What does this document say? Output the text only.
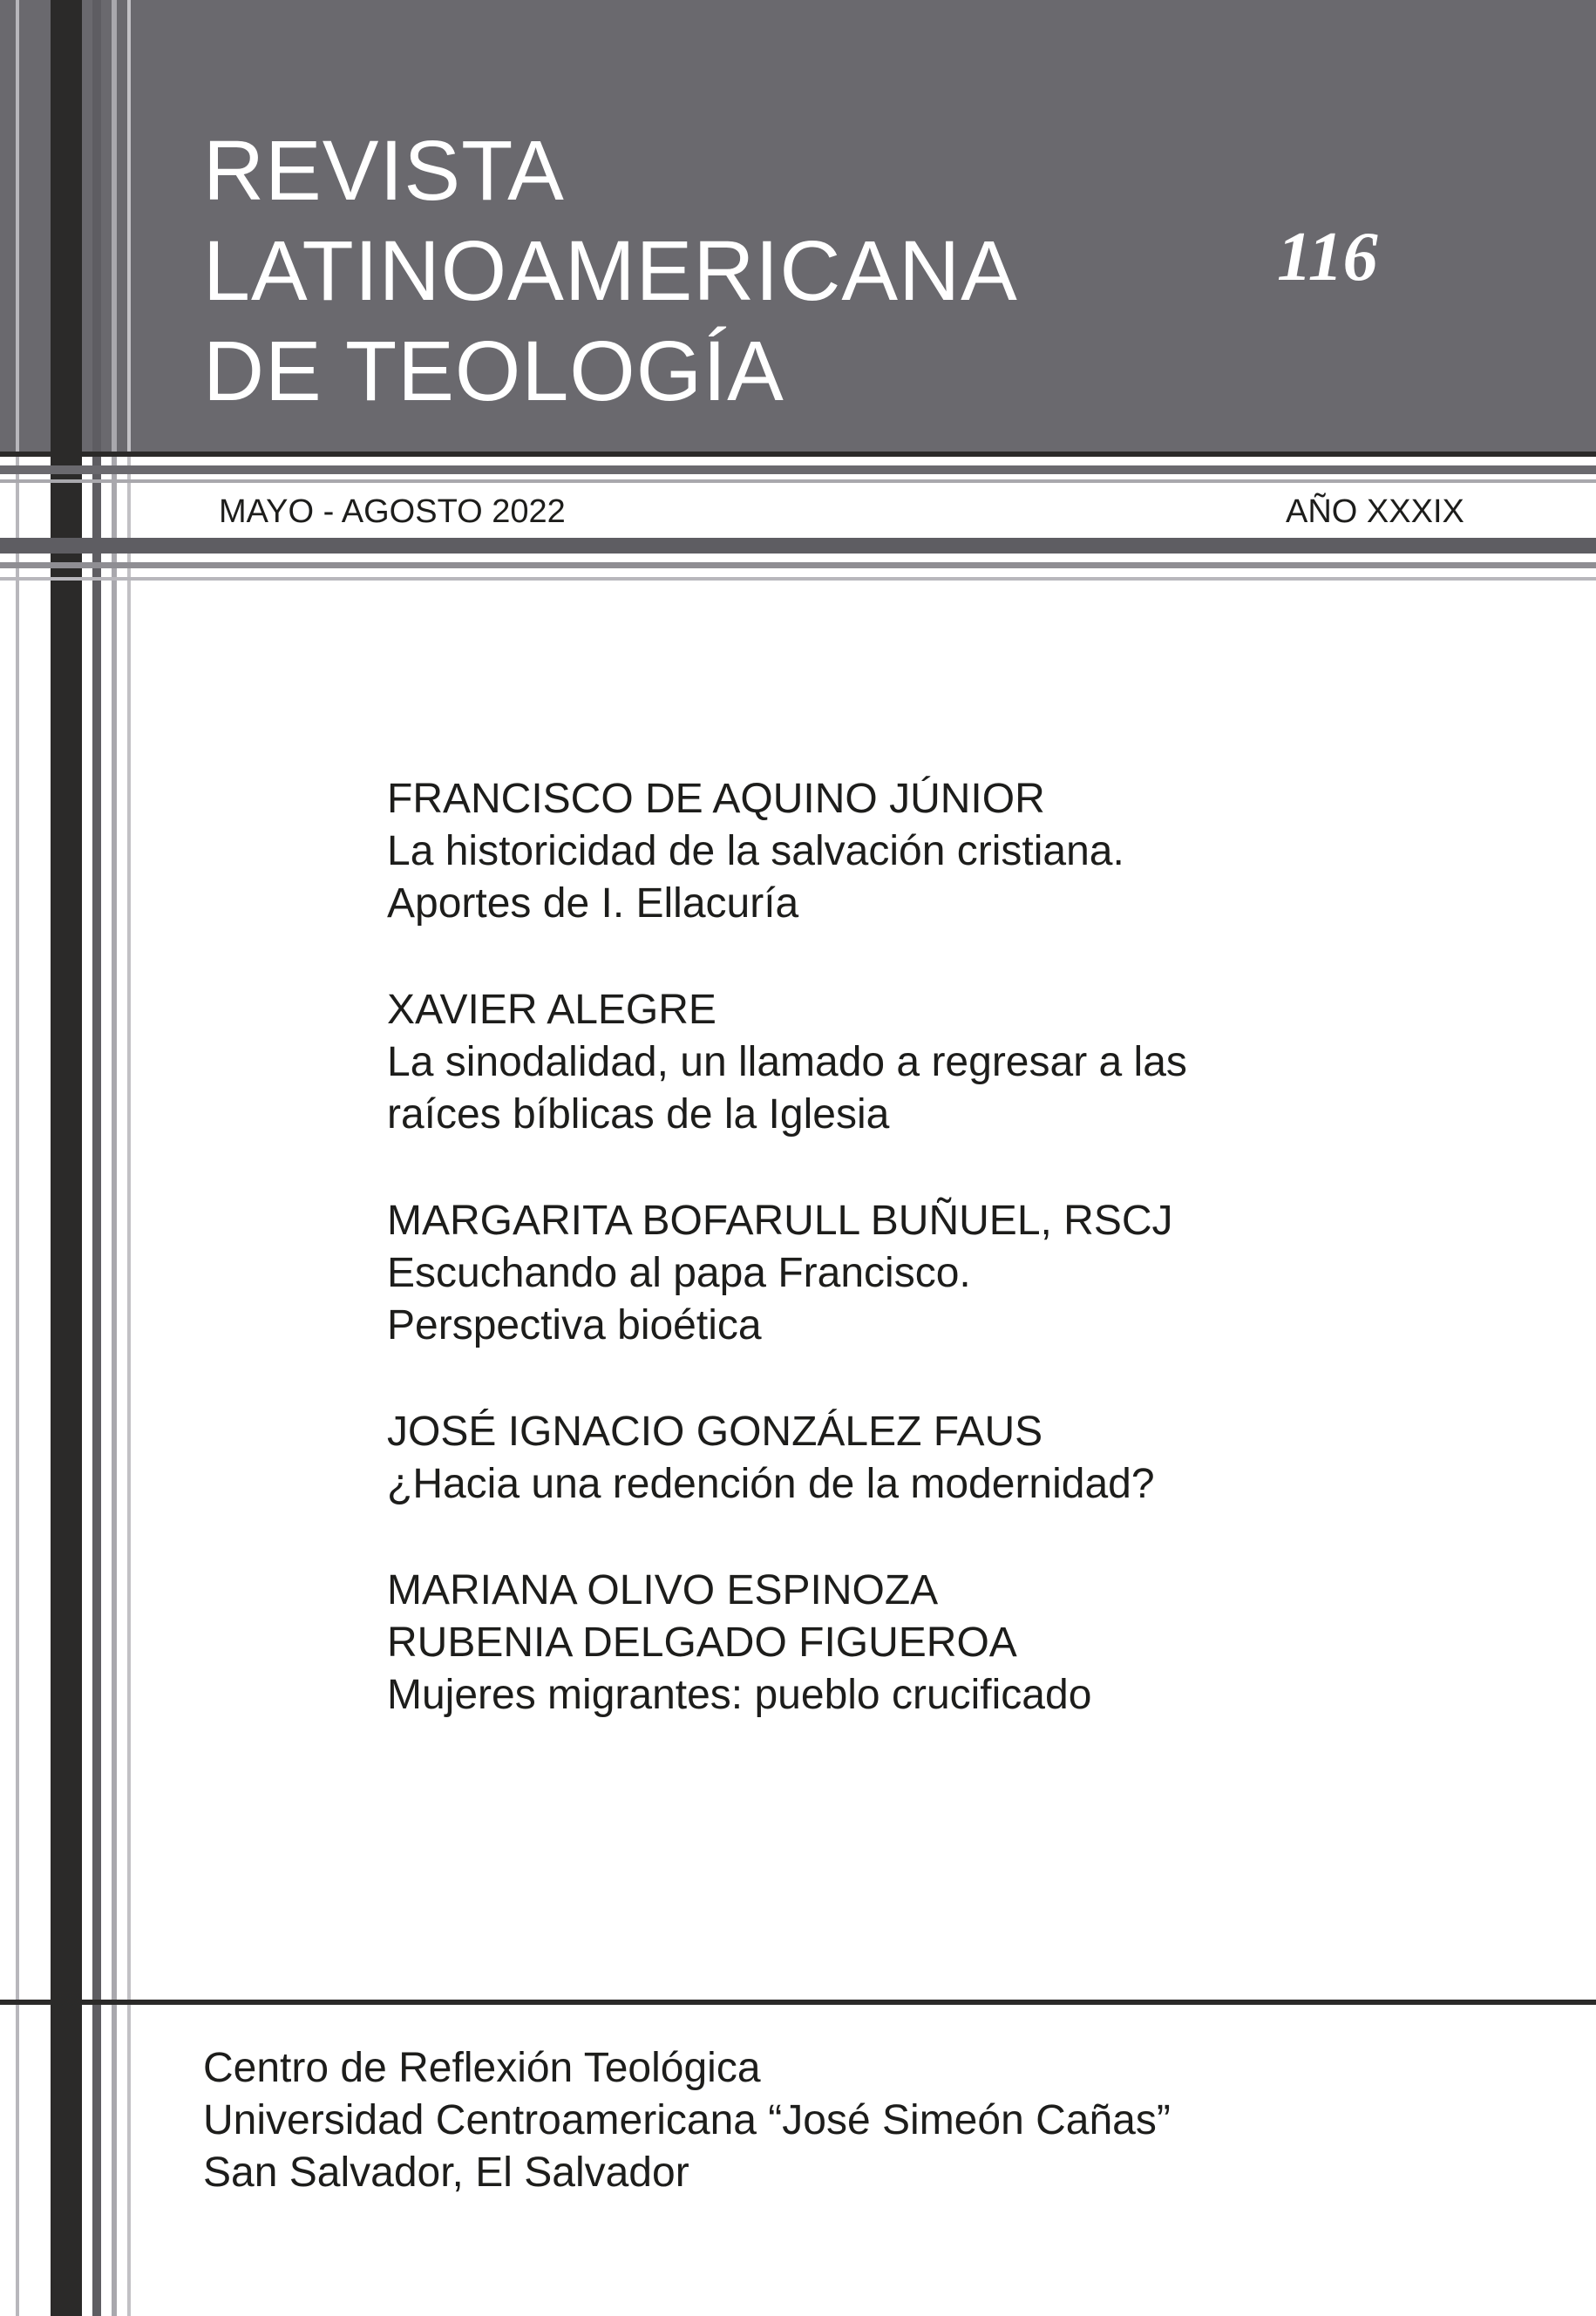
REVISTA
LATINOAMERICANA
DE TEOLOGÍA
116
MAYO - AGOSTO 2022	AÑO XXXIX
FRANCISCO DE AQUINO JÚNIOR
La historicidad de la salvación cristiana.
Aportes de I. Ellacuría
XAVIER ALEGRE
La sinodalidad, un llamado a regresar a las
raíces bíblicas de la Iglesia
MARGARITA BOFARULL BUÑUEL, RSCJ
Escuchando al papa Francisco.
Perspectiva bioética
JOSÉ IGNACIO GONZÁLEZ FAUS
¿Hacia una redención de la modernidad?
MARIANA OLIVO ESPINOZA
RUBENIA DELGADO FIGUEROA
Mujeres migrantes: pueblo crucificado
Centro de Reflexión Teológica
Universidad Centroamericana “José Simeón Cañas”
San Salvador, El Salvador
